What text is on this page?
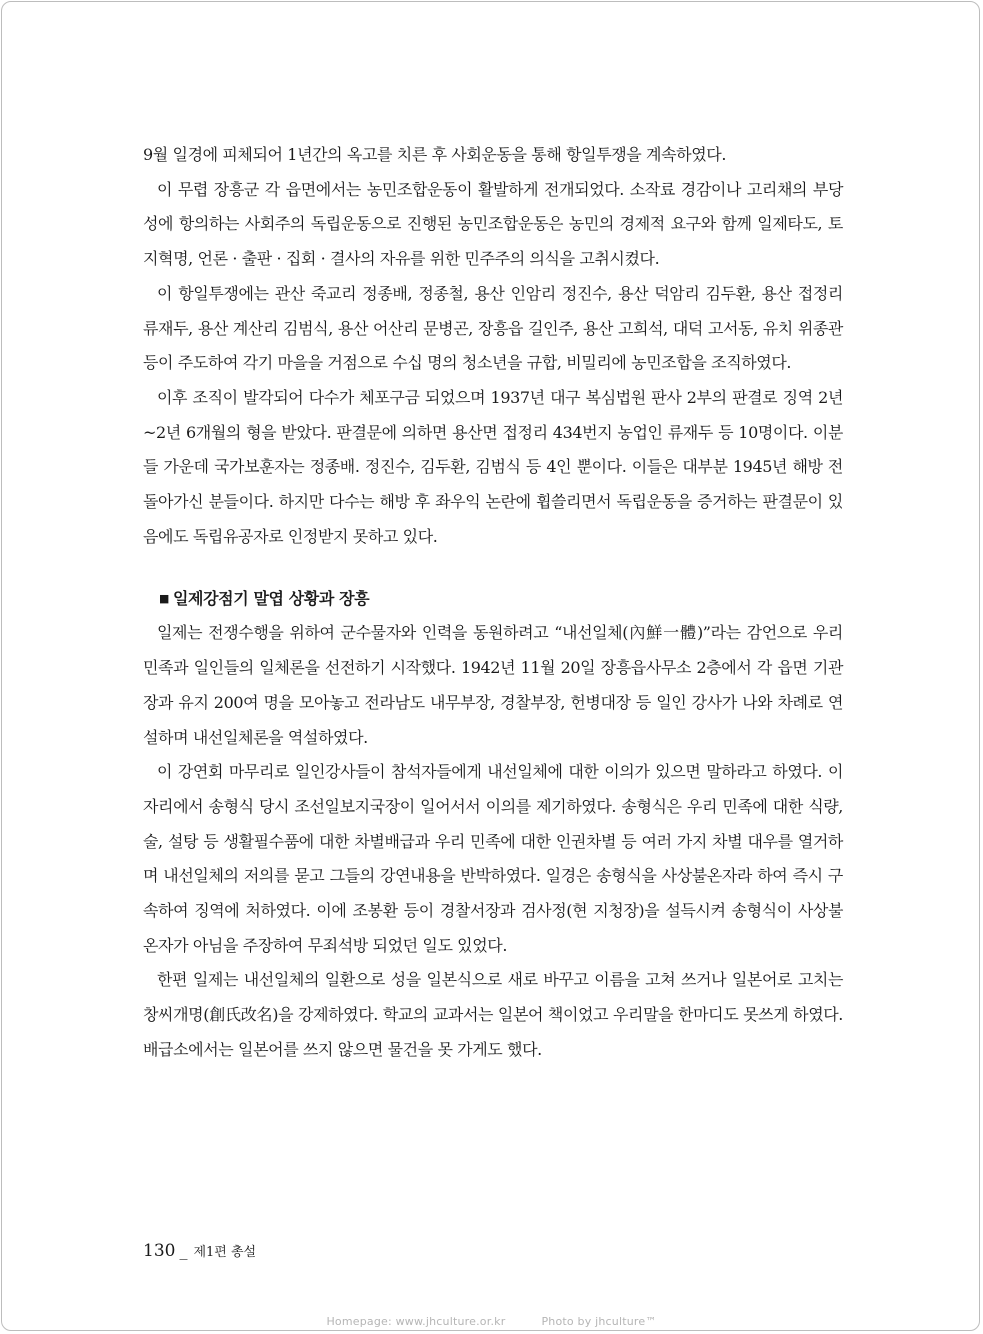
9월 일경에 피체되어 1년간의 옥고를 치른 후 사회운동을 통해 항일투쟁을 계속하였다.

이 무렵 장흥군 각 읍면에서는 농민조합운동이 활발하게 전개되었다. 소작료 경감이나 고리채의 부당성에 항의하는 사회주의 독립운동으로 진행된 농민조합운동은 농민의 경제적 요구와 함께 일제타도, 토지혁명, 언론 · 출판 · 집회 · 결사의 자유를 위한 민주주의 의식을 고취시켰다.

이 항일투쟁에는 관산 죽교리 정종배, 정종철, 용산 인암리 정진수, 용산 덕암리 김두환, 용산 접정리 류재두, 용산 계산리 김범식, 용산 어산리 문병곤, 장흥읍 길인주, 용산 고희석, 대덕 고서동, 유치 위종관 등이 주도하여 각기 마을을 거점으로 수십 명의 청소년을 규합, 비밀리에 농민조합을 조직하였다.

이후 조직이 발각되어 다수가 체포구금 되었으며 1937년 대구 복심법원 판사 2부의 판결로 징역 2년~2년 6개월의 형을 받았다. 판결문에 의하면 용산면 접정리 434번지 농업인 류재두 등 10명이다. 이분들 가운데 국가보훈자는 정종배. 정진수, 김두환, 김범식 등 4인 뿐이다. 이들은 대부분 1945년 해방 전 돌아가신 분들이다. 하지만 다수는 해방 후 좌우익 논란에 휩쓸리면서 독립운동을 증거하는 판결문이 있음에도 독립유공자로 인정받지 못하고 있다.

■ 일제강점기 말엽 상황과 장흥

일제는 전쟁수행을 위하여 군수물자와 인력을 동원하려고 “내선일체(內鮮一體)”라는 감언으로 우리 민족과 일인들의 일체론을 선전하기 시작했다. 1942년 11월 20일 장흥읍사무소 2층에서 각 읍면 기관장과 유지 200여 명을 모아놓고 전라남도 내무부장, 경찰부장, 헌병대장 등 일인 강사가 나와 차례로 연설하며 내선일체론을 역설하였다.

이 강연회 마무리로 일인강사들이 참석자들에게 내선일체에 대한 이의가 있으면 말하라고 하였다. 이 자리에서 송형식 당시 조선일보지국장이 일어서서 이의를 제기하였다. 송형식은 우리 민족에 대한 식량, 술, 설탕 등 생활필수품에 대한 차별배급과 우리 민족에 대한 인권차별 등 여러 가지 차별 대우를 열거하며 내선일체의 저의를 묻고 그들의 강연내용을 반박하였다. 일경은 송형식을 사상불온자라 하여 즉시 구속하여 징역에 처하였다. 이에 조봉환 등이 경찰서장과 검사정(현 지청장)을 설득시켜 송형식이 사상불온자가 아님을 주장하여 무죄석방 되었던 일도 있었다.

한편 일제는 내선일체의 일환으로 성을 일본식으로 새로 바꾸고 이름을 고쳐 쓰거나 일본어로 고치는 창씨개명(創氏改名)을 강제하였다. 학교의 교과서는 일본어 책이었고 우리말을 한마디도 못쓰게 하였다. 배급소에서는 일본어를 쓰지 않으면 물건을 못 가게도 했다.

130 _ 제1편 총설
Homepage: www.jhculture.or.kr	Photo by jhculture™
